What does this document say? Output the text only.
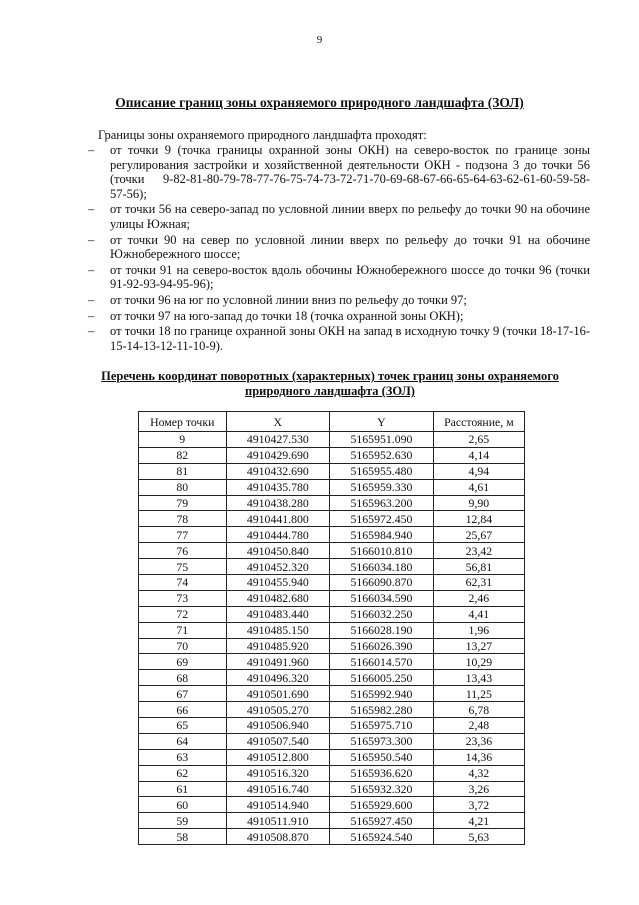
9
Описание границ зоны охраняемого природного ландшафта (ЗОЛ)
Границы зоны охраняемого природного ландшафта проходят:
– от точки 9 (точка границы охранной зоны ОКН) на северо-восток по границе зоны регулирования застройки и хозяйственной деятельности ОКН - подзона 3 до точки 56 (точки 9-82-81-80-79-78-77-76-75-74-73-72-71-70-69-68-67-66-65-64-63-62-61-60-59-58-57-56);
– от точки 56 на северо-запад по условной линии вверх по рельефу до точки 90 на обочине улицы Южная;
– от точки 90 на север по условной линии вверх по рельефу до точки 91 на обочине Южнобережного шоссе;
– от точки 91 на северо-восток вдоль обочины Южнобережного шоссе до точки 96 (точки 91-92-93-94-95-96);
– от точки 96 на юг по условной линии вниз по рельефу до точки 97;
– от точки 97 на юго-запад до точки 18 (точка охранной зоны ОКН);
– от точки 18 по границе охранной зоны ОКН на запад в исходную точку 9 (точки 18-17-16-15-14-13-12-11-10-9).
Перечень координат поворотных (характерных) точек границ зоны охраняемого
природного ландшафта (ЗОЛ)
Номер точки	X	Y	Расстояние, м
9	4910427.530	5165951.090	2,65
82	4910429.690	5165952.630	4,14
81	4910432.690	5165955.480	4,94
80	4910435.780	5165959.330	4,61
79	4910438.280	5165963.200	9,90
78	4910441.800	5165972.450	12,84
77	4910444.780	5165984.940	25,67
76	4910450.840	5166010.810	23,42
75	4910452.320	5166034.180	56,81
74	4910455.940	5166090.870	62,31
73	4910482.680	5166034.590	2,46
72	4910483.440	5166032.250	4,41
71	4910485.150	5166028.190	1,96
70	4910485.920	5166026.390	13,27
69	4910491.960	5166014.570	10,29
68	4910496.320	5166005.250	13,43
67	4910501.690	5165992.940	11,25
66	4910505.270	5165982.280	6,78
65	4910506.940	5165975.710	2,48
64	4910507.540	5165973.300	23,36
63	4910512.800	5165950.540	14,36
62	4910516.320	5165936.620	4,32
61	4910516.740	5165932.320	3,26
60	4910514.940	5165929.600	3,72
59	4910511.910	5165927.450	4,21
58	4910508.870	5165924.540	5,63
